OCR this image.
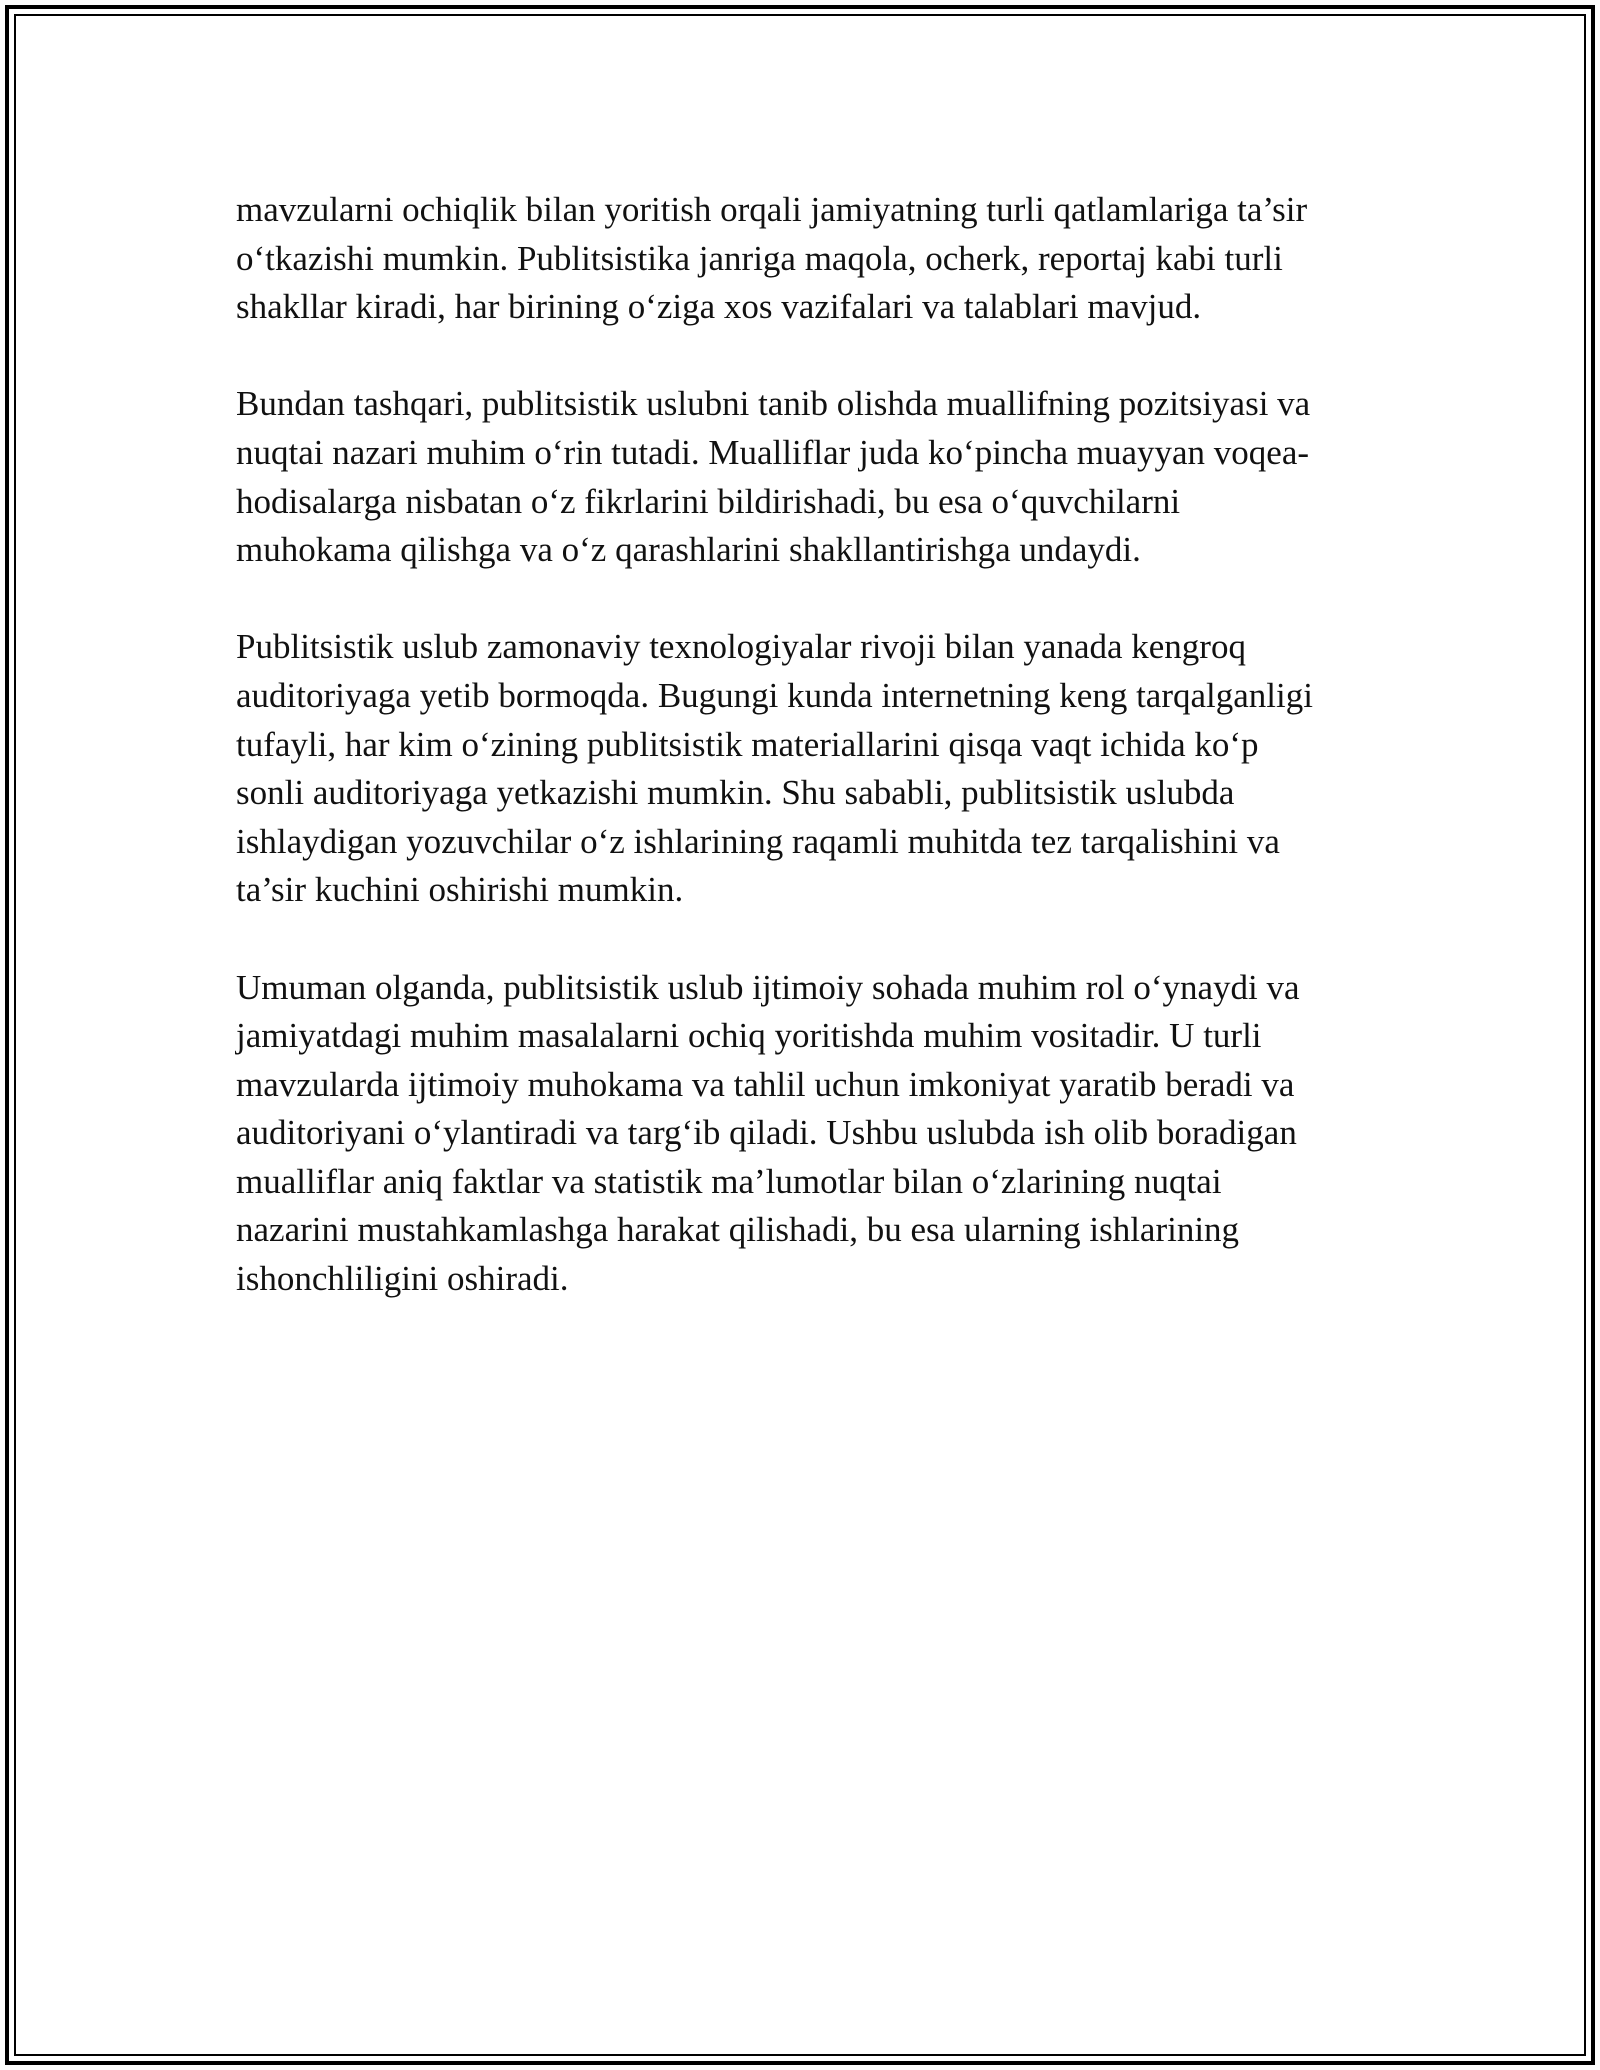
mavzularni ochiqlik bilan yoritish orqali jamiyatning turli qatlamlariga ta’sir
o‘tkazishi mumkin. Publitsistika janriga maqola, ocherk, reportaj kabi turli
shakllar kiradi, har birining o‘ziga xos vazifalari va talablari mavjud.

Bundan tashqari, publitsistik uslubni tanib olishda muallifning pozitsiyasi va
nuqtai nazari muhim o‘rin tutadi. Mualliflar juda ko‘pincha muayyan voqea-
hodisalarga nisbatan o‘z fikrlarini bildirishadi, bu esa o‘quvchilarni
muhokama qilishga va o‘z qarashlarini shakllantirishga undaydi.

Publitsistik uslub zamonaviy texnologiyalar rivoji bilan yanada kengroq
auditoriyaga yetib bormoqda. Bugungi kunda internetning keng tarqalganligi
tufayli, har kim o‘zining publitsistik materiallarini qisqa vaqt ichida ko‘p
sonli auditoriyaga yetkazishi mumkin. Shu sababli, publitsistik uslubda
ishlaydigan yozuvchilar o‘z ishlarining raqamli muhitda tez tarqalishini va
ta’sir kuchini oshirishi mumkin.

Umuman olganda, publitsistik uslub ijtimoiy sohada muhim rol o‘ynaydi va
jamiyatdagi muhim masalalarni ochiq yoritishda muhim vositadir. U turli
mavzularda ijtimoiy muhokama va tahlil uchun imkoniyat yaratib beradi va
auditoriyani o‘ylantiradi va targ‘ib qiladi. Ushbu uslubda ish olib boradigan
mualliflar aniq faktlar va statistik ma’lumotlar bilan o‘zlarining nuqtai
nazarini mustahkamlashga harakat qilishadi, bu esa ularning ishlarining
ishonchliligini oshiradi.
